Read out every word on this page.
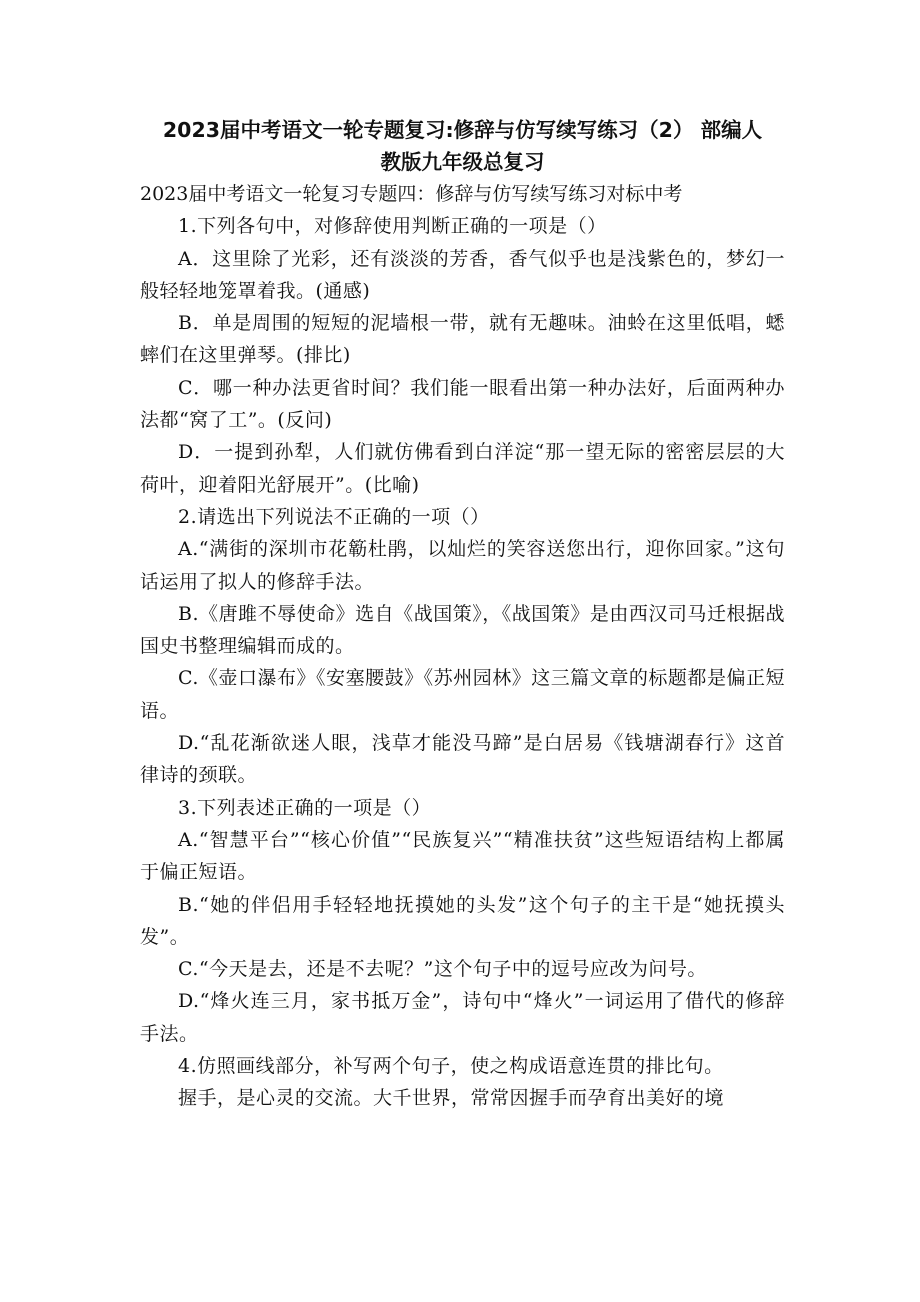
2023届中考语文一轮专题复习:修辞与仿写续写练习（2） 部编人
教版九年级总复习

2023届中考语文一轮复习专题四：修辞与仿写续写练习对标中考

1.下列各句中，对修辞使用判断正确的一项是（）

A．这里除了光彩，还有淡淡的芳香，香气似乎也是浅紫色的，梦幻一般轻轻地笼罩着我。(通感)

B．单是周围的短短的泥墙根一带，就有无趣味。油蛉在这里低唱，蟋蟀们在这里弹琴。(排比)

C．哪一种办法更省时间？我们能一眼看出第一种办法好，后面两种办法都“窝了工”。(反问)

D．一提到孙犁，人们就仿佛看到白洋淀“那一望无际的密密层层的大荷叶，迎着阳光舒展开”。(比喻)

2.请选出下列说法不正确的一项（）

A.“满街的深圳市花簕杜鹃，以灿烂的笑容送您出行，迎你回家。”这句话运用了拟人的修辞手法。

B.《唐雎不辱使命》选自《战国策》，《战国策》是由西汉司马迁根据战国史书整理编辑而成的。

C.《壶口瀑布》《安塞腰鼓》《苏州园林》这三篇文章的标题都是偏正短语。

D.“乱花渐欲迷人眼，浅草才能没马蹄”是白居易《钱塘湖春行》这首律诗的颈联。

3.下列表述正确的一项是（）

A.“智慧平台”“核心价值”“民族复兴”“精准扶贫”这些短语结构上都属于偏正短语。

B.“她的伴侣用手轻轻地抚摸她的头发”这个句子的主干是“她抚摸头发”。

C.“今天是去，还是不去呢？”这个句子中的逗号应改为问号。

D.“烽火连三月，家书抵万金”，诗句中“烽火”一词运用了借代的修辞手法。

4.仿照画线部分，补写两个句子，使之构成语意连贯的排比句。

握手，是心灵的交流。大千世界，常常因握手而孕育出美好的境
